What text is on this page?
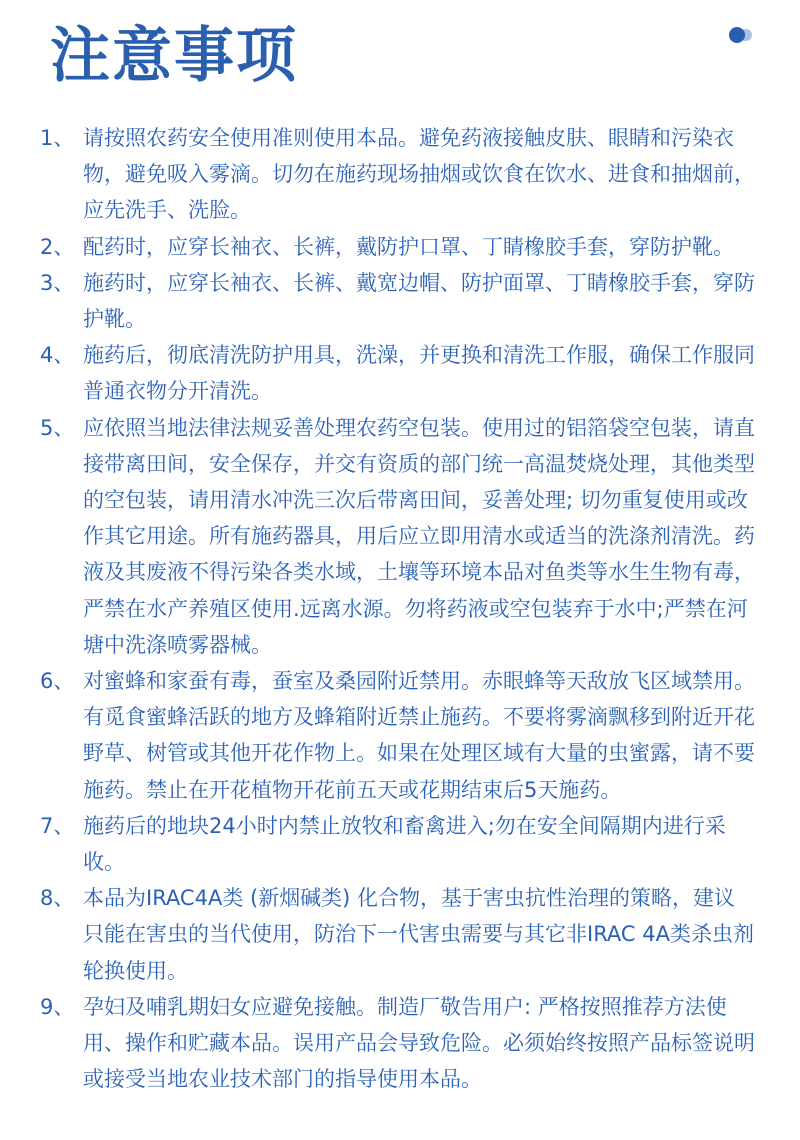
注意事项
1、 请按照农药安全使用准则使用本品。避免药液接触皮肤、眼睛和污染衣物，避免吸入雾滴。切勿在施药现场抽烟或饮食在饮水、进食和抽烟前，应先洗手、洗脸。
2、 配药时，应穿长袖衣、长裤，戴防护口罩、丁睛橡胶手套，穿防护靴。
3、 施药时，应穿长袖衣、长裤、戴宽边帽、防护面罩、丁睛橡胶手套，穿防护靴。
4、 施药后，彻底清洗防护用具，洗澡，并更换和清洗工作服，确保工作服同普通衣物分开清洗。
5、 应依照当地法律法规妥善处理农药空包装。使用过的铝箔袋空包装，请直接带离田间，安全保存，并交有资质的部门统一高温焚烧处理，其他类型的空包装，请用清水冲洗三次后带离田间，妥善处理; 切勿重复使用或改作其它用途。所有施药器具，用后应立即用清水或适当的洗涤剂清洗。药液及其废液不得污染各类水域，土壤等环境本品对鱼类等水生生物有毒，严禁在水产养殖区使用.远离水源。勿将药液或空包装弃于水中;严禁在河塘中洗涤喷雾器械。
6、 对蜜蜂和家蚕有毒，蚕室及桑园附近禁用。赤眼蜂等天敌放飞区域禁用。有觅食蜜蜂活跃的地方及蜂箱附近禁止施药。不要将雾滴飘移到附近开花野草、树管或其他开花作物上。如果在处理区域有大量的虫蜜露，请不要施药。禁止在开花植物开花前五天或花期结束后5天施药。
7、 施药后的地块24小时内禁止放牧和畜禽进入;勿在安全间隔期内进行采收。
8、 本品为IRAC4A类 (新烟碱类) 化合物，基于害虫抗性治理的策略，建议只能在害虫的当代使用，防治下一代害虫需要与其它非IRAC 4A类杀虫剂轮换使用。
9、 孕妇及哺乳期妇女应避免接触。制造厂敬告用户: 严格按照推荐方法使用、操作和贮藏本品。误用产品会导致危险。必须始终按照产品标签说明或接受当地农业技术部门的指导使用本品。
